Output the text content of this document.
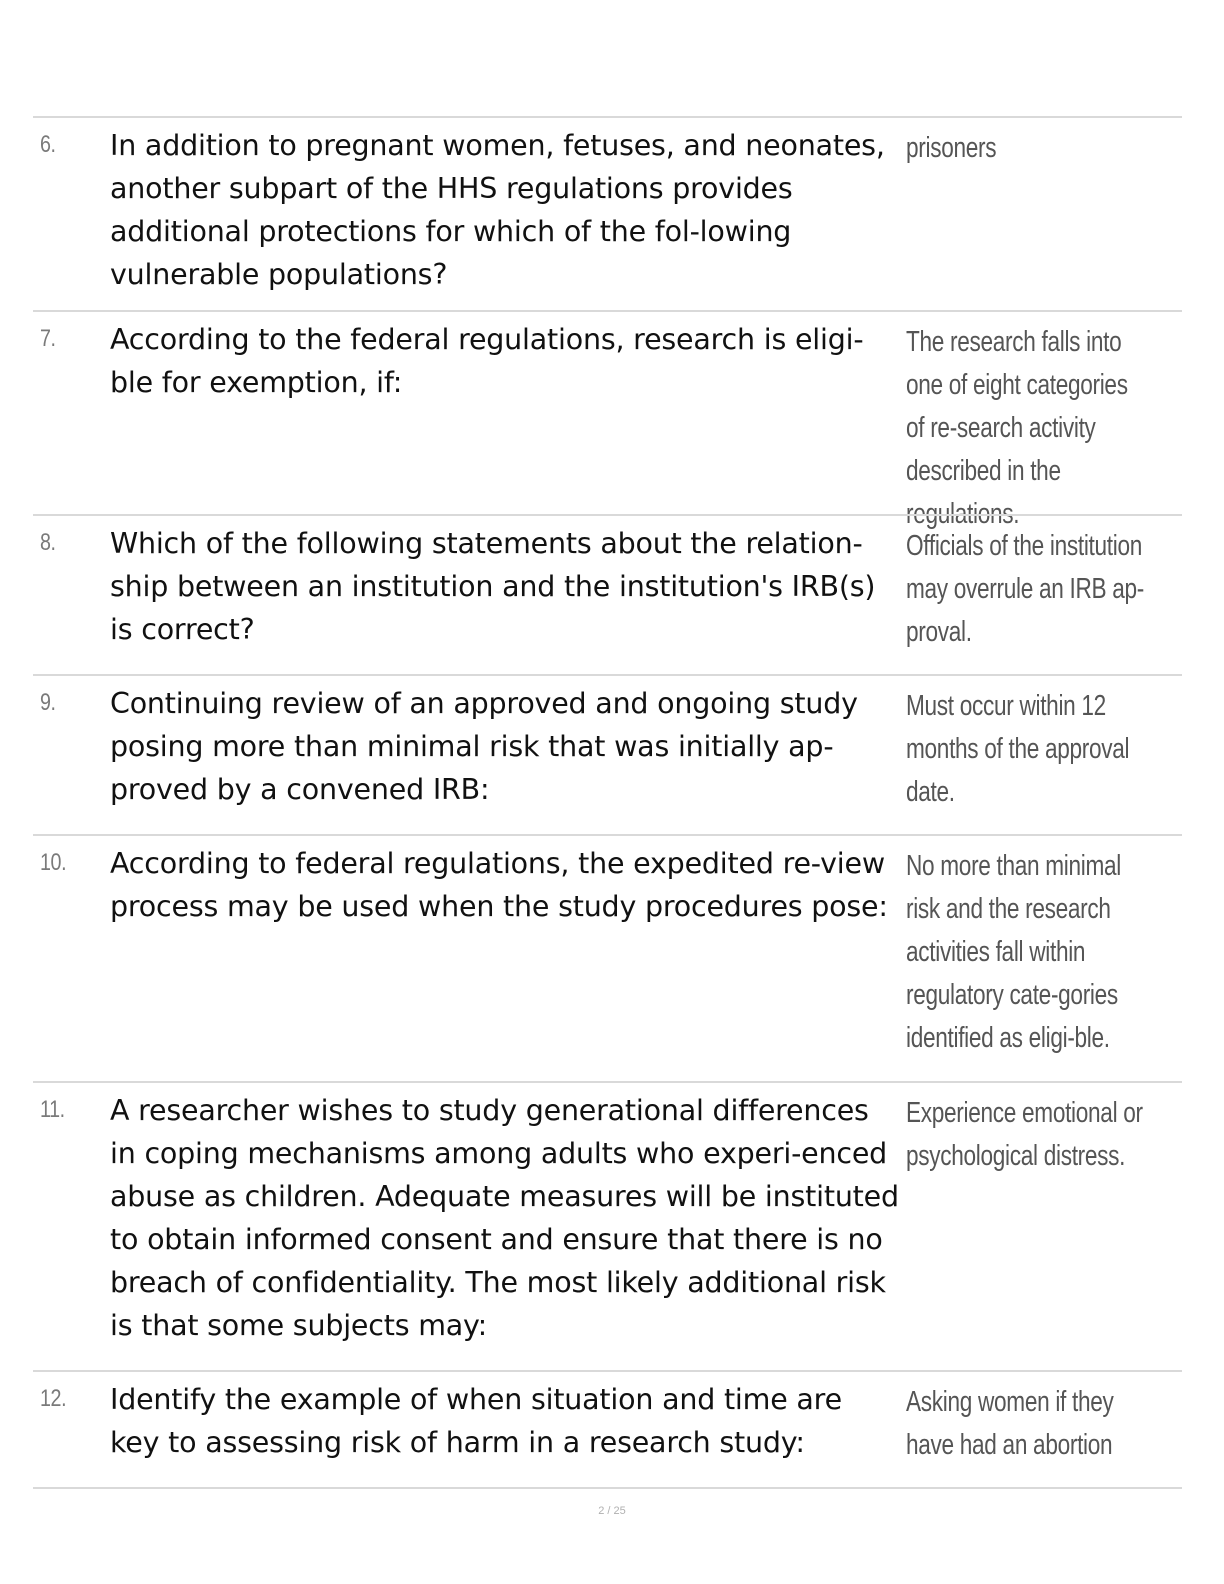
6. In addition to pregnant women, fetuses, and neonates, another subpart of the HHS regulations provides additional protections for which of the fol-lowing vulnerable populations?
prisoners
7. According to the federal regulations, research is eligi-ble for exemption, if:
The research falls into one of eight categories of re-search activity described in the regulations.
8. Which of the following statements about the relation-ship between an institution and the institution's IRB(s) is correct?
Officials of the institution may overrule an IRB ap-proval.
9. Continuing review of an approved and ongoing study posing more than minimal risk that was initially ap-proved by a convened IRB:
Must occur within 12 months of the approval date.
10. According to federal regulations, the expedited re-view process may be used when the study procedures pose:
No more than minimal risk and the research activities fall within regulatory cate-gories identified as eligi-ble.
11. A researcher wishes to study generational differences in coping mechanisms among adults who experi-enced abuse as children. Adequate measures will be instituted to obtain informed consent and ensure that there is no breach of confidentiality. The most likely additional risk is that some subjects may:
Experience emotional or psychological distress.
12. Identify the example of when situation and time are key to assessing risk of harm in a research study:
Asking women if they have had an abortion
2 / 25
